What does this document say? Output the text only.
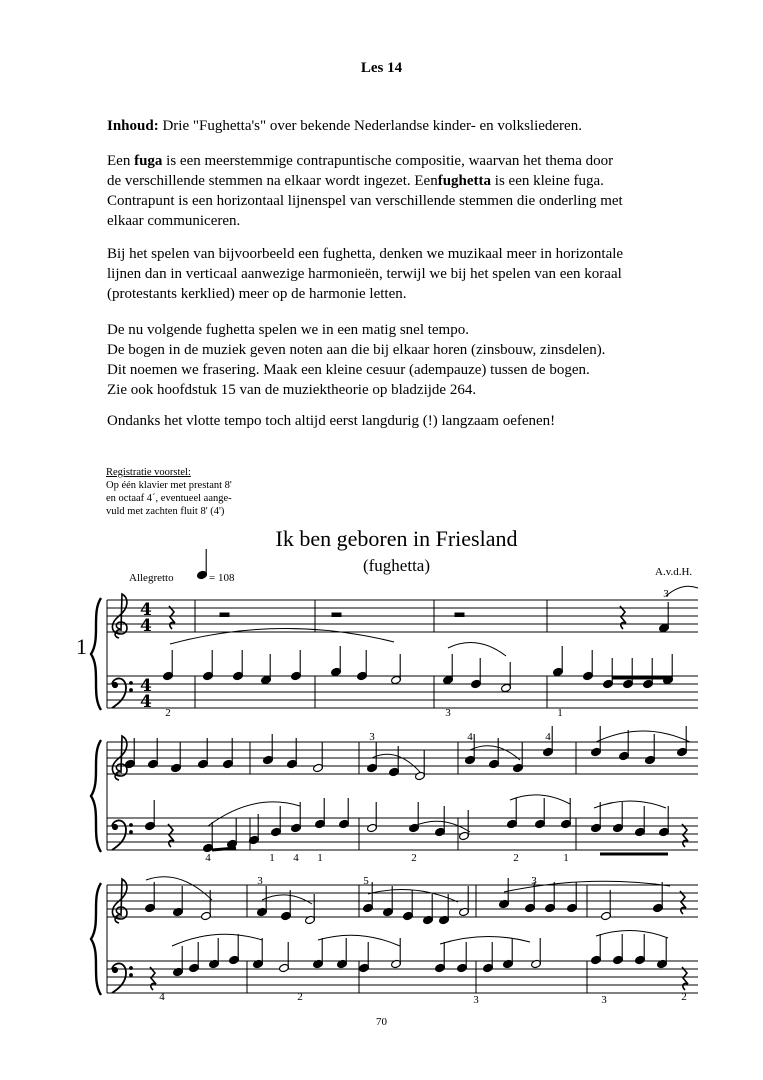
Les 14
Inhoud: Drie "Fughetta's" over bekende Nederlandse kinder- en volksliederen.
Een fuga is een meerstemmige contrapuntische compositie, waarvan het thema door
de verschillende stemmen na elkaar wordt ingezet. Eenfughetta is een kleine fuga.
Contrapunt is een horizontaal lijnenspel van verschillende stemmen die onderling met
elkaar communiceren.
Bij het spelen van bijvoorbeeld een fughetta, denken we muzikaal meer in horizontale
lijnen dan in verticaal aanwezige harmonieën, terwijl we bij het spelen van een koraal
(protestants kerklied) meer op de harmonie letten.
De nu volgende fughetta spelen we in een matig snel tempo.
De bogen in de muziek geven noten aan die bij elkaar horen (zinsbouw, zinsdelen).
Dit noemen we frasering. Maak een kleine cesuur (adempauze) tussen de bogen.
Zie ook hoofdstuk 15 van de muziektheorie op bladzijde 264.
Ondanks het vlotte tempo toch altijd eerst langdurig (!) langzaam oefenen!
Registratie voorstel:
Op één klavier met prestant 8'
en octaaf 4´, eventueel aange-
vuld met zachten fluit 8' (4')
Ik ben geboren in Friesland
(fughetta)	A.v.d.H.
Allegretto	= 108
1
4
4
4
4
2	3	1
3
3	4	4
4	1 4 1	2	2	1
3	5	3
4	2	3	3	2
70
